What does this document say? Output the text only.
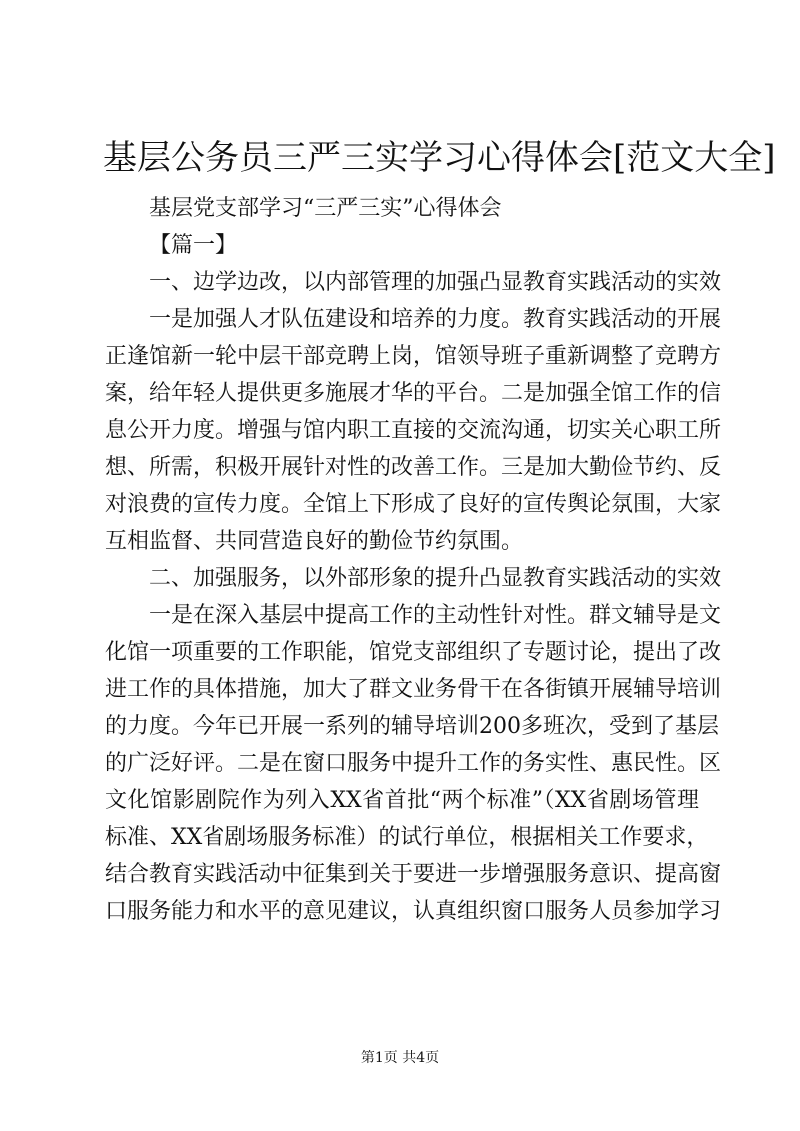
基层公务员三严三实学习心得体会[范文大全]
基层党支部学习“三严三实”心得体会
【篇一】
一、边学边改，以内部管理的加强凸显教育实践活动的实效
一是加强人才队伍建设和培养的力度。教育实践活动的开展
正逢馆新一轮中层干部竞聘上岗，馆领导班子重新调整了竞聘方
案，给年轻人提供更多施展才华的平台。二是加强全馆工作的信
息公开力度。增强与馆内职工直接的交流沟通，切实关心职工所
想、所需，积极开展针对性的改善工作。三是加大勤俭节约、反
对浪费的宣传力度。全馆上下形成了良好的宣传舆论氛围，大家
互相监督、共同营造良好的勤俭节约氛围。
二、加强服务，以外部形象的提升凸显教育实践活动的实效
一是在深入基层中提高工作的主动性针对性。群文辅导是文
化馆一项重要的工作职能，馆党支部组织了专题讨论，提出了改
进工作的具体措施，加大了群文业务骨干在各街镇开展辅导培训
的力度。今年已开展一系列的辅导培训200多班次，受到了基层
的广泛好评。二是在窗口服务中提升工作的务实性、惠民性。区
文化馆影剧院作为列入XX省首批“两个标准”（XX省剧场管理
标准、XX省剧场服务标准）的试行单位，根据相关工作要求，
结合教育实践活动中征集到关于要进一步增强服务意识、提高窗
口服务能力和水平的意见建议，认真组织窗口服务人员参加学习
第1页 共4页
